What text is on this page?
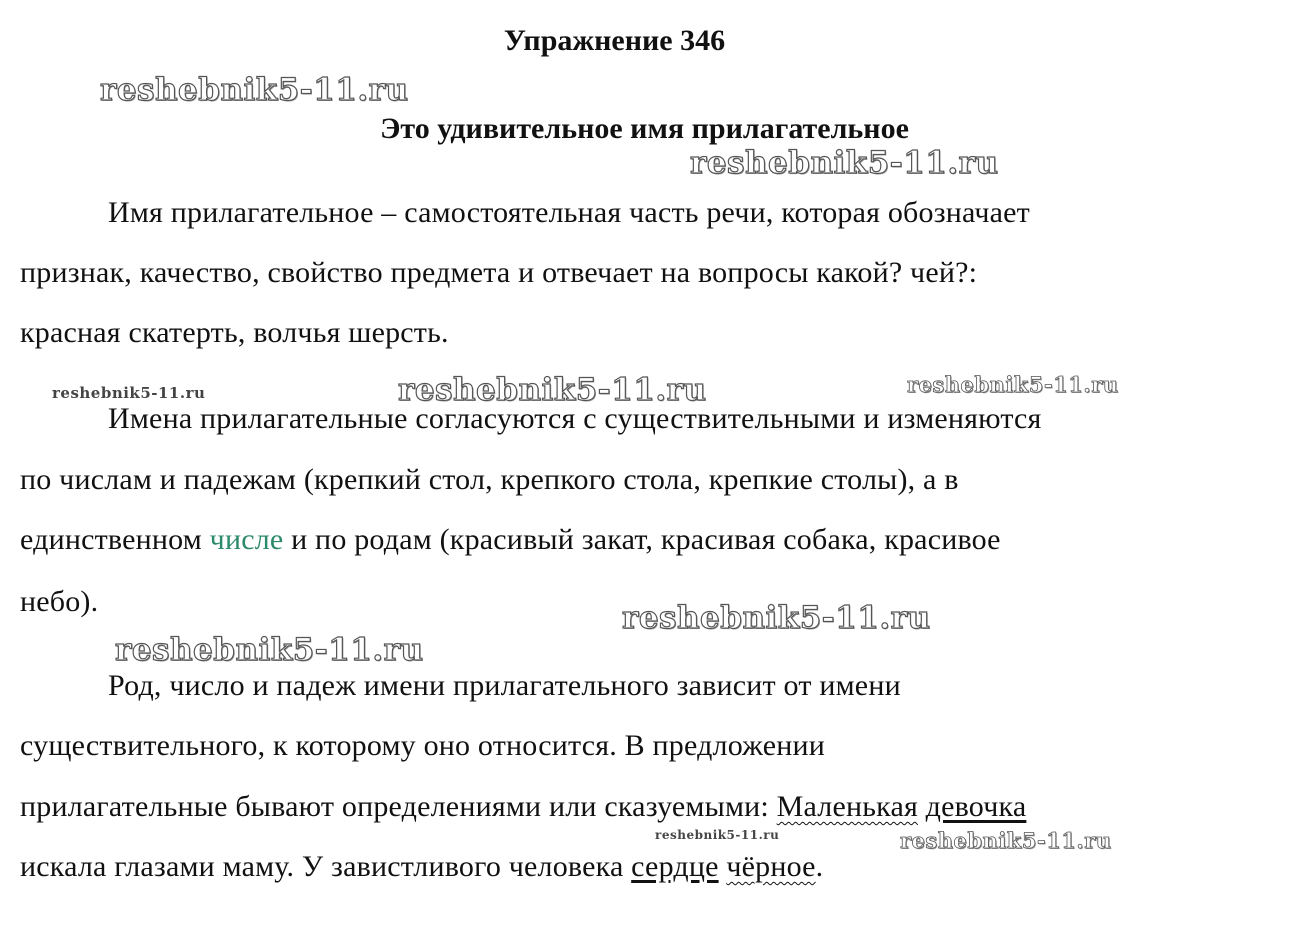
Упражнение 346
Это удивительное имя прилагательное
reshebnik5-11.ru
reshebnik5-11.ru
reshebnik5-11.ru	reshebnik5-11.ru	reshebnik5-11.ru
reshebnik5-11.ru
reshebnik5-11.ru
reshebnik5-11.ru	reshebnik5-11.ru
Имя прилагательное – самостоятельная часть речи, которая обозначает
признак, качество, свойство предмета и отвечает на вопросы какой? чей?:
красная скатерть, волчья шерсть.
Имена прилагательные согласуются с существительными и изменяются
по числам и падежам (крепкий стол, крепкого стола, крепкие столы), а в
единственном числе и по родам (красивый закат, красивая собака, красивое
небо).
Род, число и падеж имени прилагательного зависит от имени
существительного, к которому оно относится. В предложении
прилагательные бывают определениями или сказуемыми: Маленькая девочка
искала глазами маму. У завистливого человека сердце чёрное.
